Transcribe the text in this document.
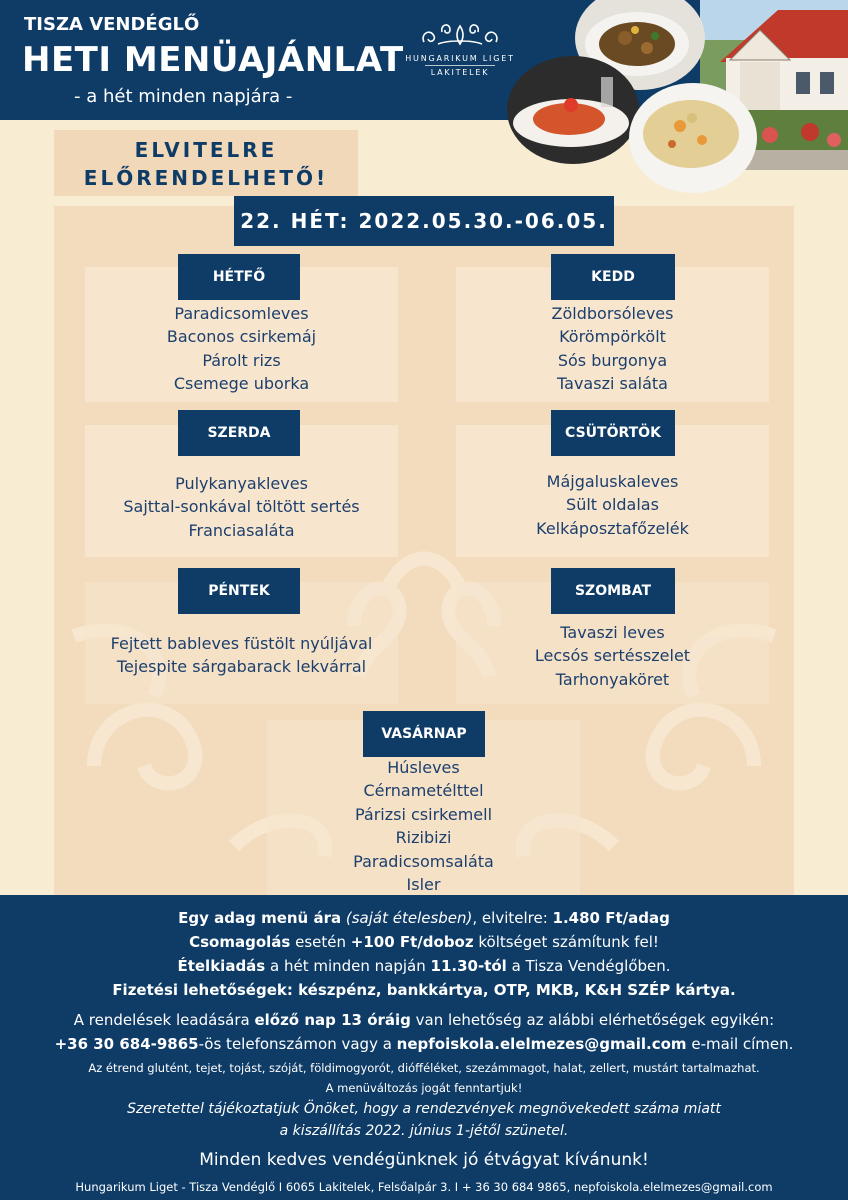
TISZA VENDÉGLŐ
HETI MENÜAJÁNLAT
- a hét minden napjára -
HUNGARIKUM LIGET
LAKITELEK
ELVITELRE
ELŐRENDELHETŐ!
22. HÉT: 2022.05.30.-06.05.
HÉTFŐ	KEDD
SZERDA	CSÜTÖRTÖK
PÉNTEK	SZOMBAT
VASÁRNAP
Paradicsomleves
Baconos csirkemáj
Párolt rizs
Csemege uborka
Zöldborsóleves
Körömpörkölt
Sós burgonya
Tavaszi saláta
Pulykanyakleves
Sajttal-sonkával töltött sertés
Franciasaláta
Májgaluskaleves
Sült oldalas
Kelkáposztafőzelék
Fejtett bableves füstölt nyúljával
Tejespite sárgabarack lekvárral
Tavaszi leves
Lecsós sertésszelet
Tarhonyaköret
Húsleves
Cérnametélttel
Párizsi csirkemell
Rizibizi
Paradicsomsaláta
Isler
Egy adag menü ára (saját ételesben), elvitelre: 1.480 Ft/adag
Csomagolás esetén +100 Ft/doboz költséget számítunk fel!
Ételkiadás a hét minden napján 11.30-tól a Tisza Vendéglőben.
Fizetési lehetőségek: készpénz, bankkártya, OTP, MKB, K&H SZÉP kártya.
A rendelések leadására előző nap 13 óráig van lehetőség az alábbi elérhetőségek egyikén:
+36 30 684-9865-ös telefonszámon vagy a nepfoiskola.elelmezes@gmail.com e-mail címen.
Az étrend glutént, tejet, tojást, szóját, földimogyorót, diófféléket, szezámmagot, halat, zellert, mustárt tartalmazhat.
A menüváltozás jogát fenntartjuk!
Szeretettel tájékoztatjuk Önöket, hogy a rendezvények megnövekedett száma miatt
a kiszállítás 2022. június 1-jétől szünetel.
Minden kedves vendégünknek jó étvágyat kívánunk!
Hungarikum Liget - Tisza Vendéglő I 6065 Lakitelek, Felsőalpár 3. I + 36 30 684 9865, nepfoiskola.elelmezes@gmail.com
